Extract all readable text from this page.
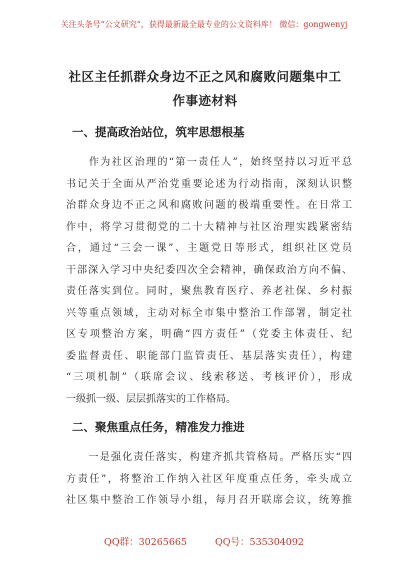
关注头条号“公文研究”，获得最新最全最专业的公文资料库！ 微信：gongwenyj
社区主任抓群众身边不正之风和腐败问题集中工作事迹材料
一、提高政治站位，筑牢思想根基
　　作为社区治理的“第一责任人”，始终坚持以习近平总
书记关于全面从严治党重要论述为行动指南，深刻认识整
治群众身边不正之风和腐败问题的极端重要性。在日常工
作中，将学习贯彻党的二十大精神与社区治理实践紧密结
合，通过“三会一课”、主题党日等形式，组织社区党员
干部深入学习中央纪委四次全会精神，确保政治方向不偏、
责任落实到位。同时，聚焦教育医疗、养老社保、乡村振
兴等重点领域，主动对标全市集中整治工作部署，制定社
区专项整治方案，明确“四方责任”（党委主体责任、纪
委监督责任、职能部门监管责任、基层落实责任），构建
“三项机制”（联席会议、线索移送、考核评价），形成
一级抓一级、层层抓落实的工作格局。
二、聚焦重点任务，精准发力推进
　　一是强化责任落实，构建齐抓共管格局。严格压实“四
方责任”，将整治工作纳入社区年度重点任务，牵头成立
社区集中整治工作领导小组，每月召开联席会议，统筹推
QQ群：30265665	QQ号：535304092
